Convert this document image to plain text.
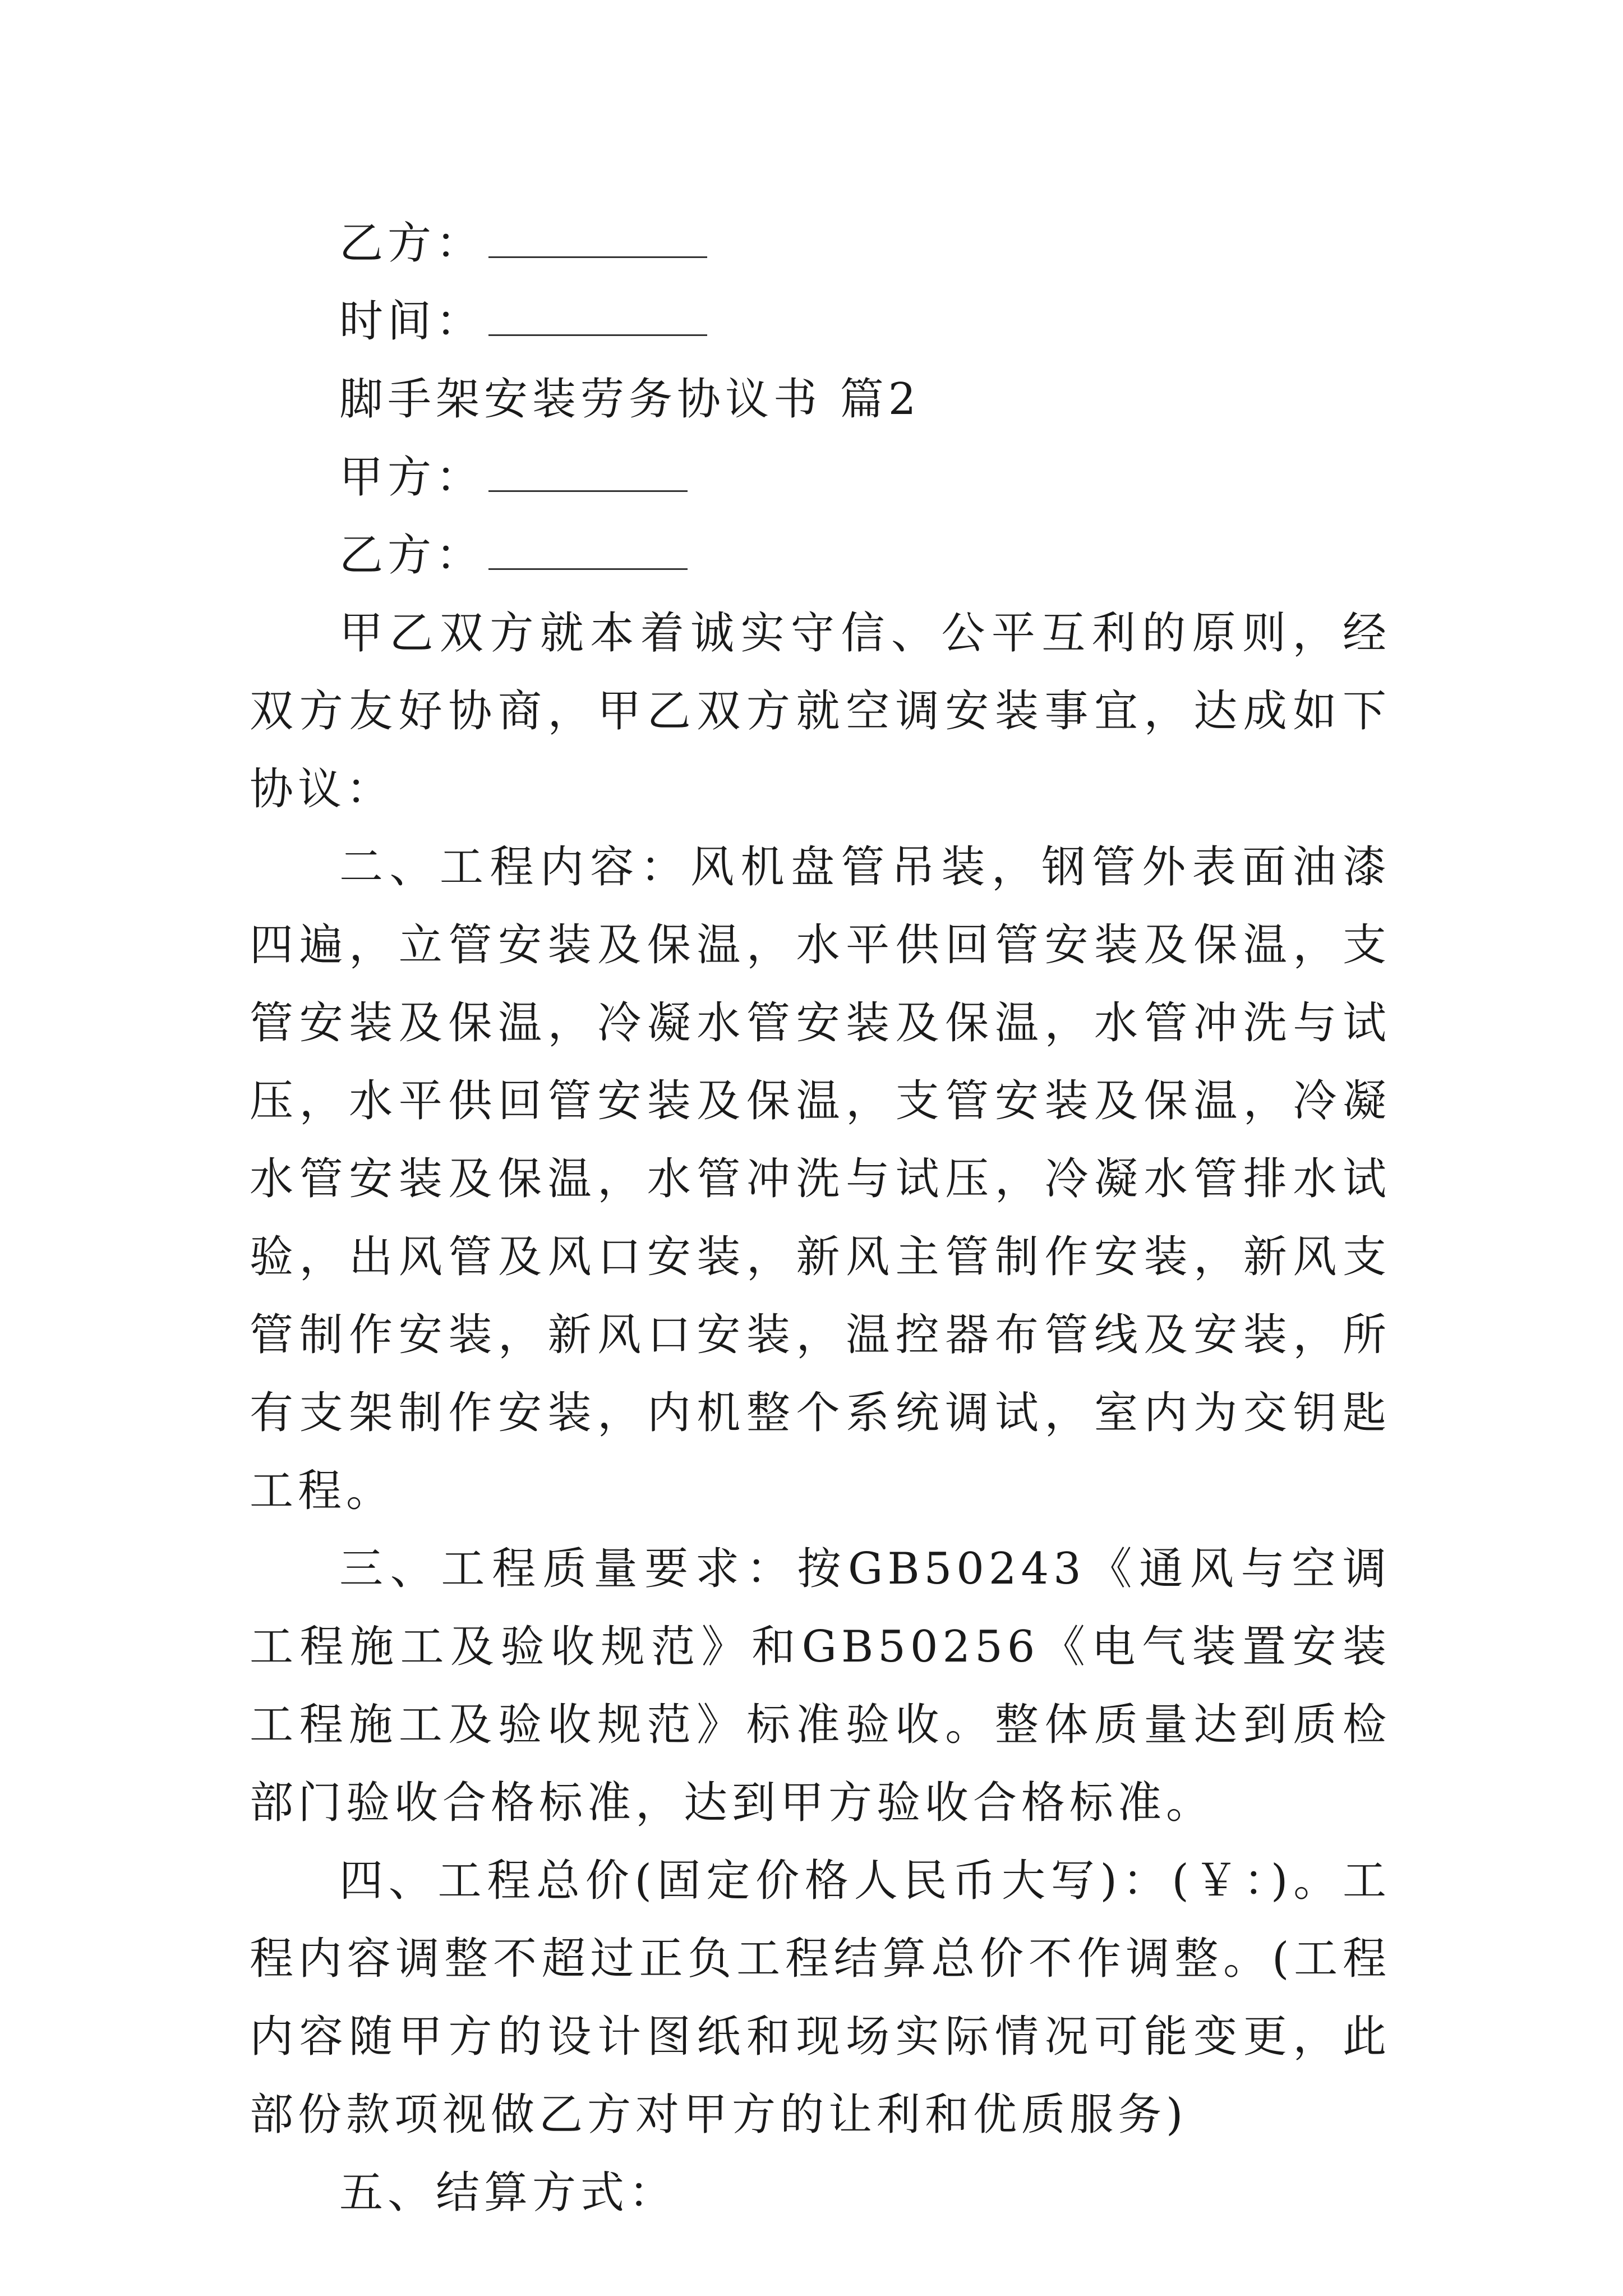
乙方：
时间：
脚手架安装劳务协议书 篇2
甲方：
乙方：

甲乙双方就本着诚实守信、公平互利的原则，经双方友好协商，甲乙双方就空调安装事宜，达成如下协议：

二、工程内容：风机盘管吊装，钢管外表面油漆四遍，立管安装及保温，水平供回管安装及保温，支管安装及保温，冷凝水管安装及保温，水管冲洗与试压，水平供回管安装及保温，支管安装及保温，冷凝水管安装及保温，水管冲洗与试压，冷凝水管排水试验，出风管及风口安装，新风主管制作安装，新风支管制作安装，新风口安装，温控器布管线及安装，所有支架制作安装，内机整个系统调试，室内为交钥匙工程。

三、工程质量要求：按GB50243《通风与空调工程施工及验收规范》和GB50256《电气装置安装工程施工及验收规范》标准验收。整体质量达到质检部门验收合格标准，达到甲方验收合格标准。

四、工程总价(固定价格人民币大写)：(￥：)。工程内容调整不超过正负工程结算总价不作调整。(工程内容随甲方的设计图纸和现场实际情况可能变更，此部份款项视做乙方对甲方的让利和优质服务)

五、结算方式：
